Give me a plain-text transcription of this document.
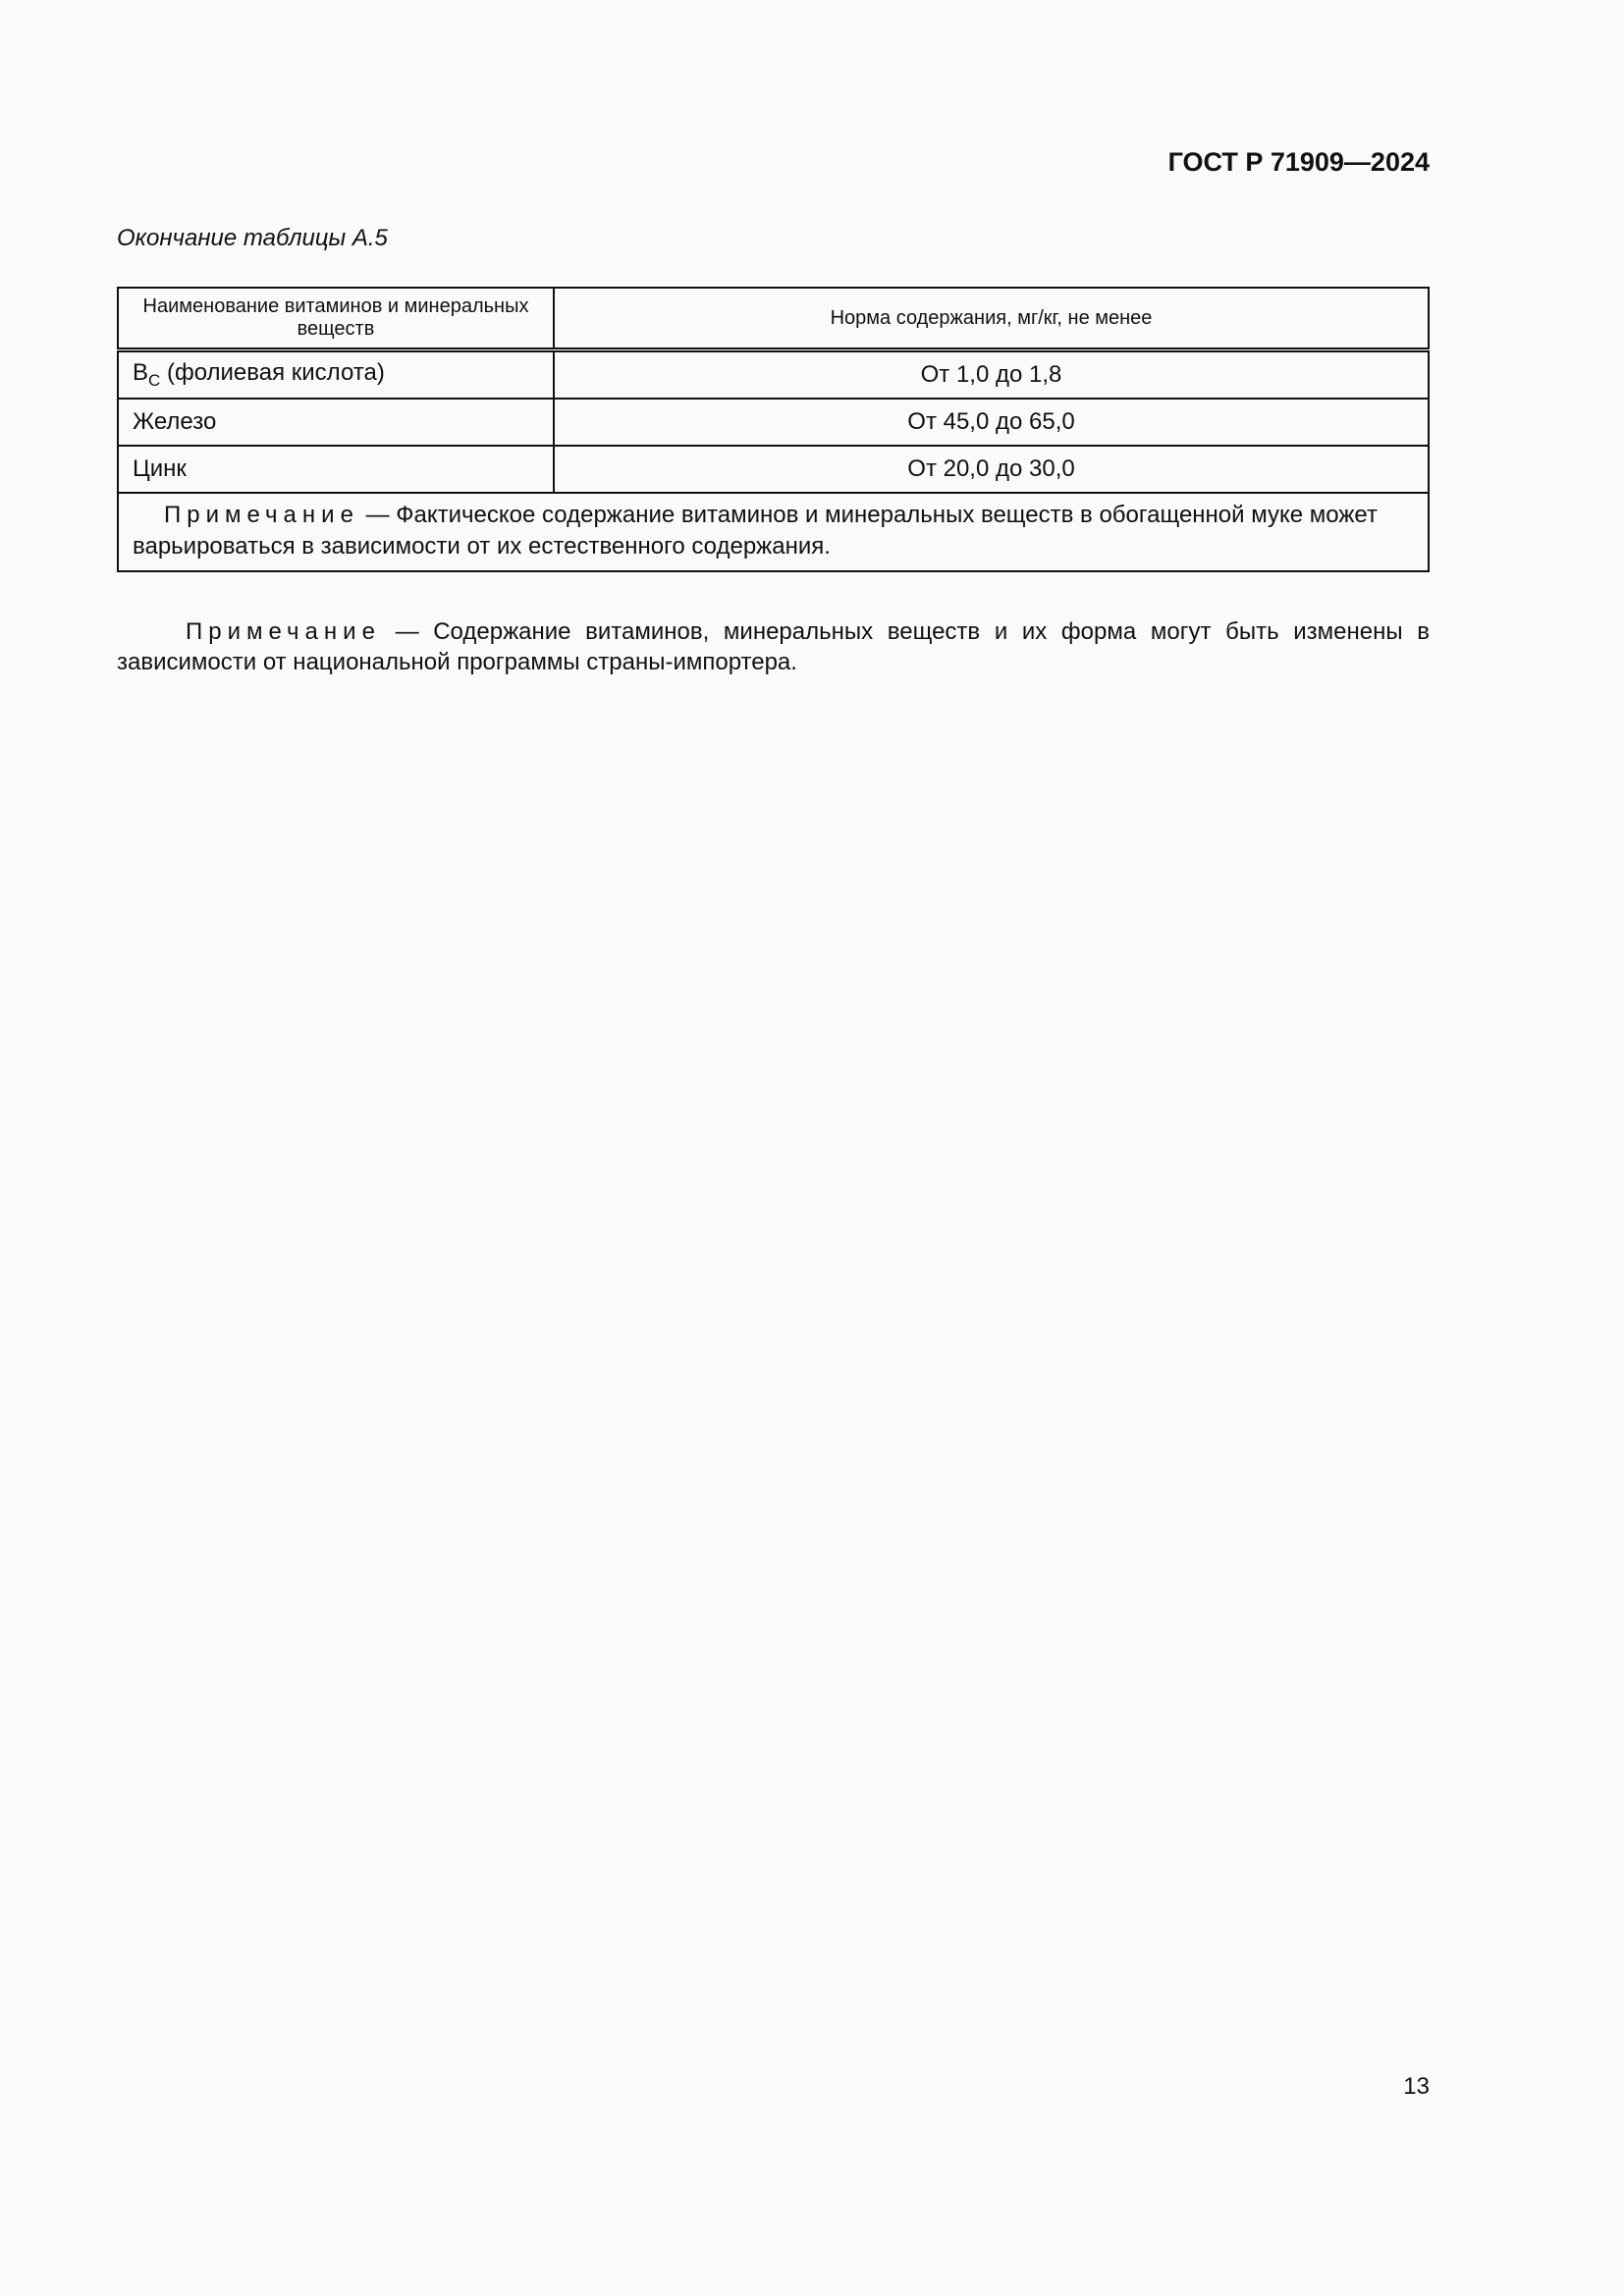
ГОСТ Р 71909—2024
Окончание таблицы А.5
Наименование витаминов и минеральных веществ	Норма содержания, мг/кг, не менее
$B_C$ (фолиевая кислота)	От 1,0 до 1,8
Железо	От 45,0 до 65,0
Цинк	От 20,0 до 30,0
Примечание — Фактическое содержание витаминов и минеральных веществ в обогащенной муке может варьироваться в зависимости от их естественного содержания.	
Примечание — Содержание витаминов, минеральных веществ и их форма могут быть изменены в зависимости от национальной программы страны-импортера.
13
